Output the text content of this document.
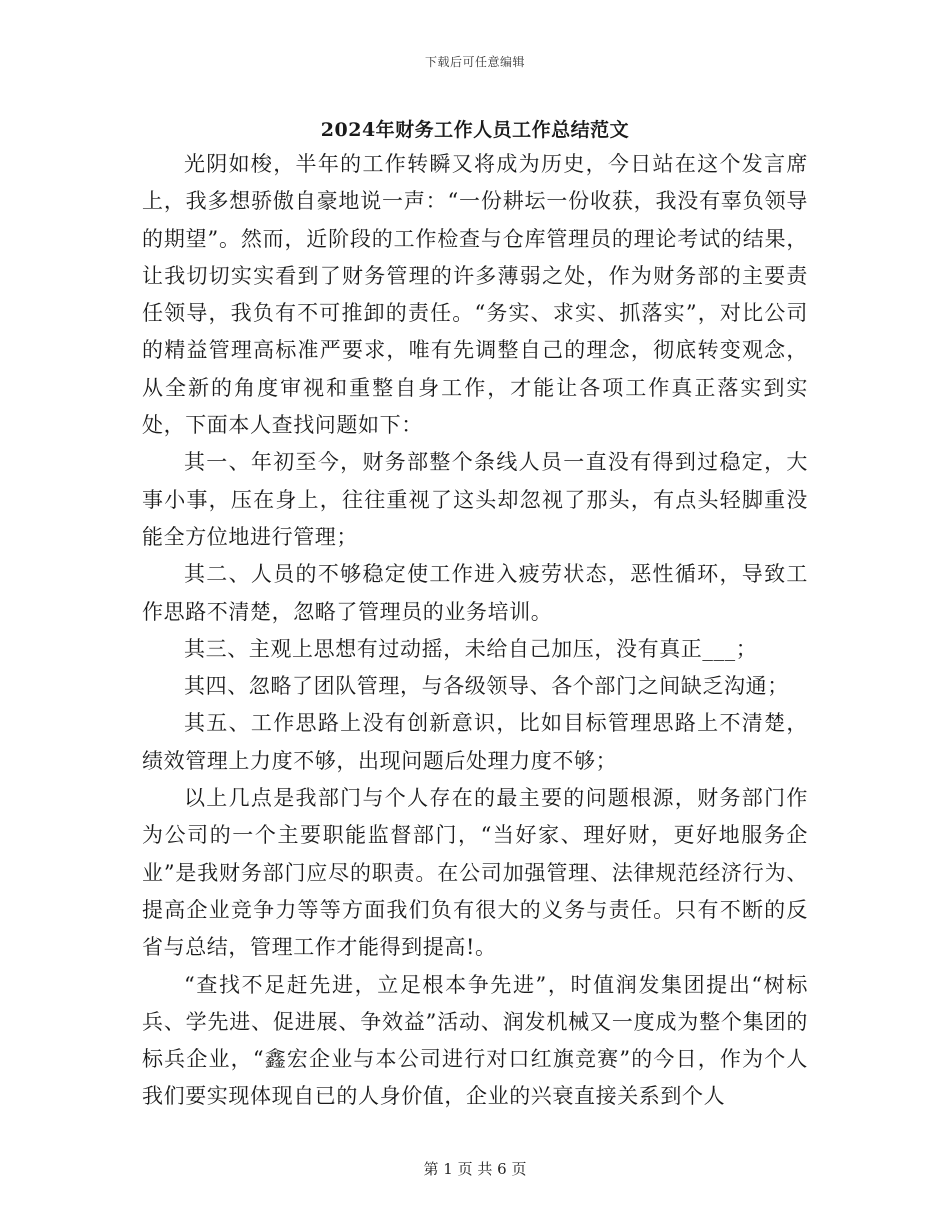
下载后可任意编辑
2024年财务工作人员工作总结范文

光阴如梭，半年的工作转瞬又将成为历史，今日站在这个发言席上，我多想骄傲自豪地说一声：“一份耕坛一份收获，我没有辜负领导的期望”。然而，近阶段的工作检查与仓库管理员的理论考试的结果，让我切切实实看到了财务管理的许多薄弱之处，作为财务部的主要责任领导，我负有不可推卸的责任。“务实、求实、抓落实”，对比公司的精益管理高标准严要求，唯有先调整自己的理念，彻底转变观念，从全新的角度审视和重整自身工作，才能让各项工作真正落实到实处，下面本人查找问题如下：

其一、年初至今，财务部整个条线人员一直没有得到过稳定，大事小事，压在身上，往往重视了这头却忽视了那头，有点头轻脚重没能全方位地进行管理；

其二、人员的不够稳定使工作进入疲劳状态，恶性循环，导致工作思路不清楚，忽略了管理员的业务培训。

其三、主观上思想有过动摇，未给自己加压，没有真正___；

其四、忽略了团队管理，与各级领导、各个部门之间缺乏沟通；

其五、工作思路上没有创新意识，比如目标管理思路上不清楚，绩效管理上力度不够，出现问题后处理力度不够；

以上几点是我部门与个人存在的最主要的问题根源，财务部门作为公司的一个主要职能监督部门，“当好家、理好财，更好地服务企业”是我财务部门应尽的职责。在公司加强管理、法律规范经济行为、提高企业竞争力等等方面我们负有很大的义务与责任。只有不断的反省与总结，管理工作才能得到提高!。

“查找不足赶先进，立足根本争先进”，时值润发集团提出“树标兵、学先进、促进展、争效益”活动、润发机械又一度成为整个集团的标兵企业，“鑫宏企业与本公司进行对口红旗竞赛”的今日，作为个人我们要实现体现自已的人身价值，企业的兴衰直接关系到个人

第 1 页 共 6 页
